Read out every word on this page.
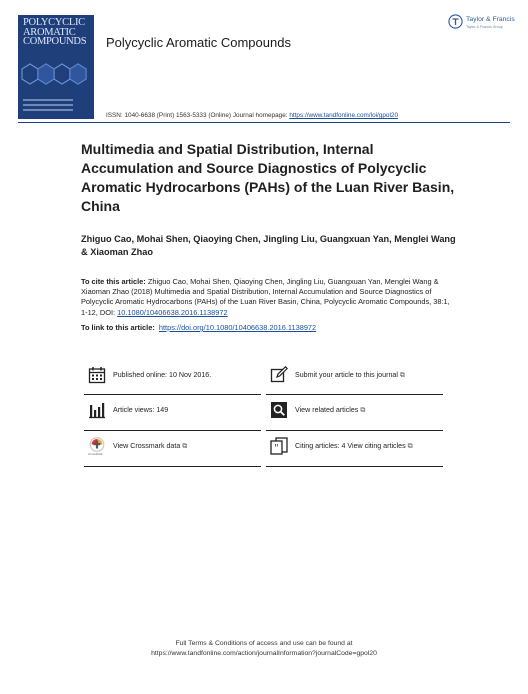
POLYCYCLIC
AROMATIC
COMPOUNDS Polycyclic Aromatic Compounds
Taylor & Francis
Taylor & Francis Group
ISSN: 1040-6638 (Print) 1563-5333 (Online) Journal homepage: https://www.tandfonline.com/loi/gpol20
Multimedia and Spatial Distribution, Internal Accumulation and Source Diagnostics of Polycyclic Aromatic Hydrocarbons (PAHs) of the Luan River Basin, China
Zhiguo Cao, Mohai Shen, Qiaoying Chen, Jingling Liu, Guangxuan Yan, Menglei Wang & Xiaoman Zhao
To cite this article: Zhiguo Cao, Mohai Shen, Qiaoying Chen, Jingling Liu, Guangxuan Yan, Menglei Wang & Xiaoman Zhao (2018) Multimedia and Spatial Distribution, Internal Accumulation and Source Diagnostics of Polycyclic Aromatic Hydrocarbons (PAHs) of the Luan River Basin, China, Polycyclic Aromatic Compounds, 38:1, 1-12, DOI: 10.1080/10406638.2016.1138972
To link to this article: https://doi.org/10.1080/10406638.2016.1138972
Published online: 10 Nov 2016.	Submit your article to this journal ⧉
Article views: 149	View related articles ⧉
CrossMark
View Crossmark data ⧉	" Citing articles: 4 View citing articles ⧉
Full Terms & Conditions of access and use can be found at
https://www.tandfonline.com/action/journalInformation?journalCode=gpol20
